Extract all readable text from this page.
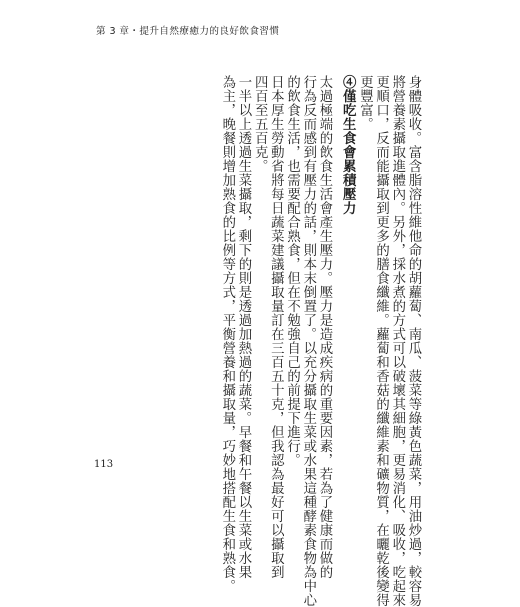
第 3 章・提升自然療癒力的良好飲食習慣

身體吸收。富含脂溶性維他命的胡蘿蔔、南瓜、菠菜等綠黃色蔬菜，用油炒過，較容易

將營養素攝取進體內。另外，採水煮的方式可以破壞其細胞，更易消化、吸收，吃起來

更順口，反而能攝取到更多的膳食纖維。蘿蔔和香菇的纖維素和礦物質，在曬乾後變得

更豐富。

④僅吃生食會累積壓力

太過極端的飲食生活會產生壓力。壓力是造成疾病的重要因素，若為了健康而做的

行為反而感到有壓力的話，則本末倒置了。以充分攝取生菜或水果這種酵素食物為中心

的飲食生活，也需要配合熟食，但在不勉強自己的前提下進行。

日本厚生勞動省將每日蔬菜建議攝取量訂在三百五十克，但我認為最好可以攝取到

四百至五百克。

一半以上透過生菜攝取，剩下的則是透過加熱過的蔬菜。早餐和午餐以生菜或水果

為主，晚餐則增加熟食的比例等方式，平衡營養和攝取量，巧妙地搭配生食和熟食。

113
